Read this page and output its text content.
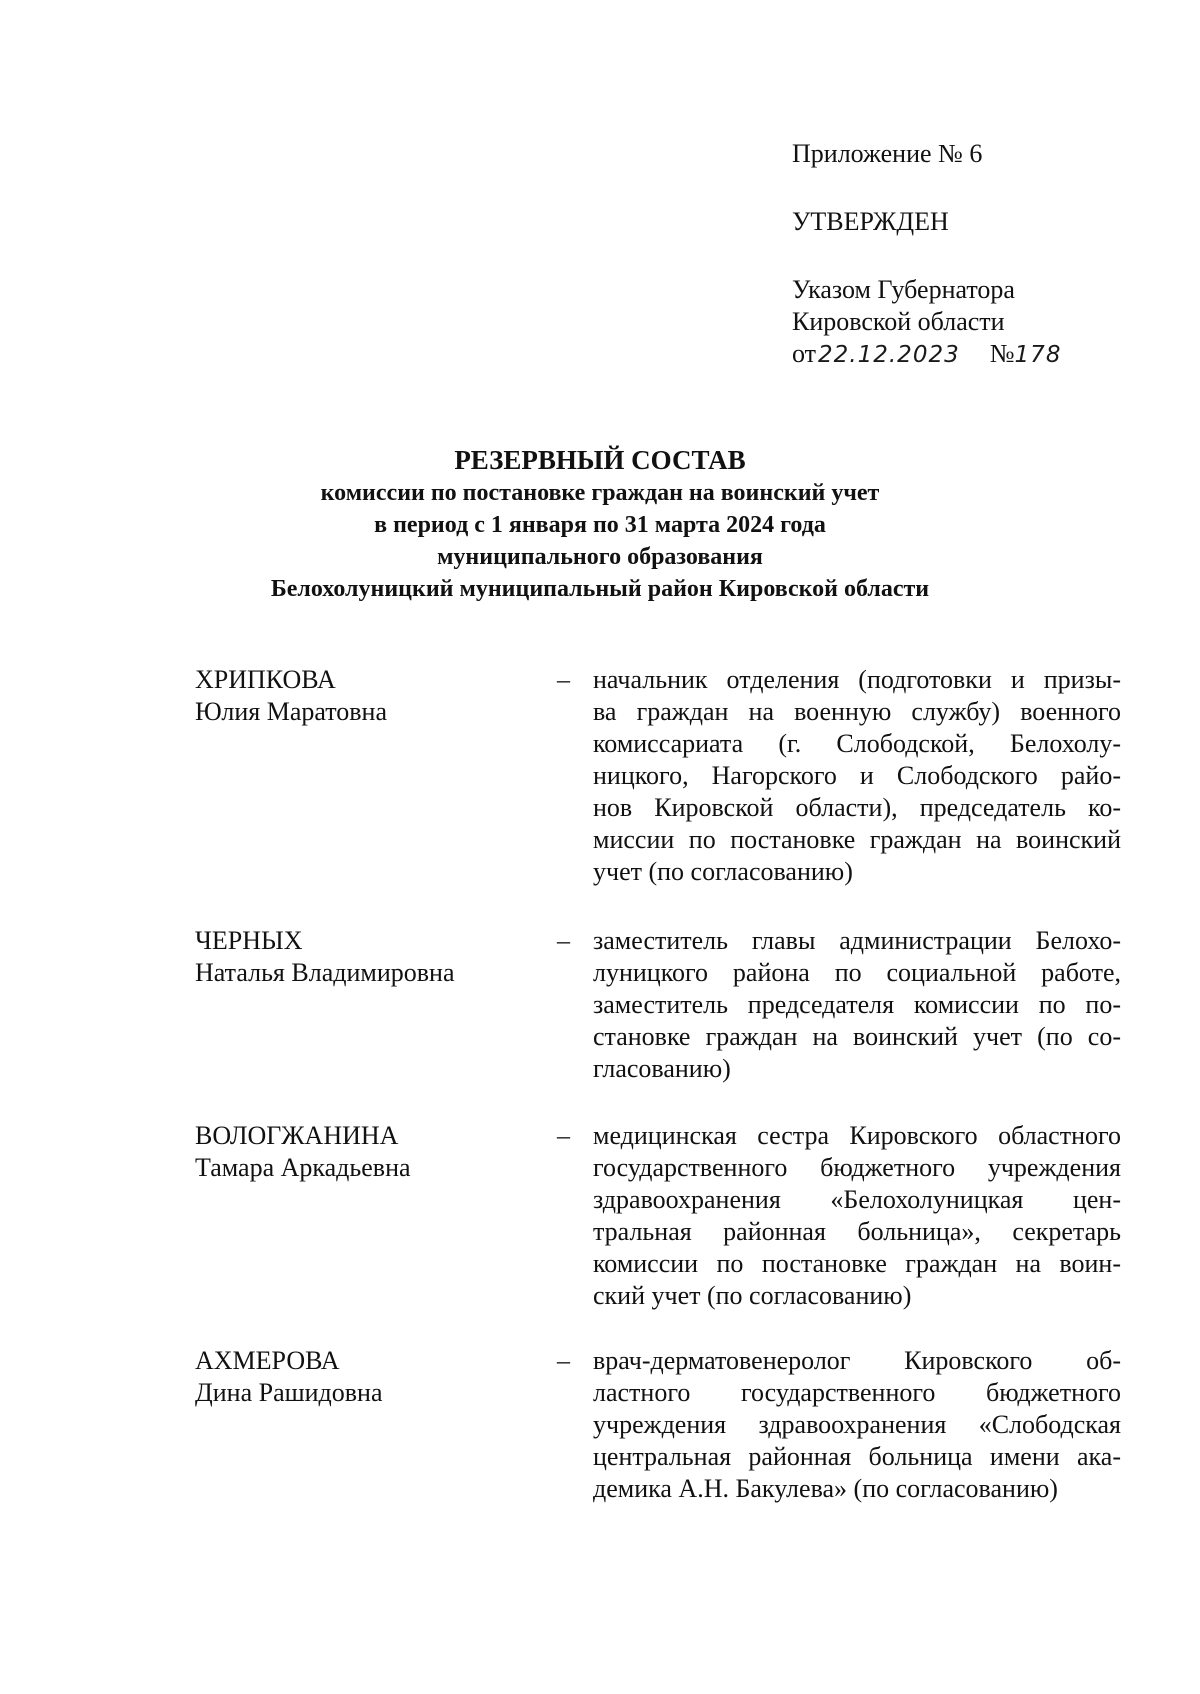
Приложение № 6
УТВЕРЖДЕН
Указом Губернатора
Кировской области
от22.12.2023 №178
РЕЗЕРВНЫЙ СОСТАВ
комиссии по постановке граждан на воинский учет
в период с 1 января по 31 марта 2024 года
муниципального образования
Белохолуницкий муниципальный район Кировской области
ХРИПКОВА
Юлия Маратовна
– начальник отделения (подготовки и призы-
ва граждан на военную службу) военного
комиссариата (г. Слободской, Белохолу-
ницкого, Нагорского и Слободского райо-
нов Кировской области), председатель ко-
миссии по постановке граждан на воинский
учет (по согласованию)
ЧЕРНЫХ
Наталья Владимировна
– заместитель главы администрации Белохо-
луницкого района по социальной работе,
заместитель председателя комиссии по по-
становке граждан на воинский учет (по со-
гласованию)
ВОЛОГЖАНИНА
Тамара Аркадьевна
– медицинская сестра Кировского областного
государственного бюджетного учреждения
здравоохранения «Белохолуницкая цен-
тральная районная больница», секретарь
комиссии по постановке граждан на воин-
ский учет (по согласованию)
АХМЕРОВА
Дина Рашидовна
– врач-дерматовенеролог Кировского об-
ластного государственного бюджетного
учреждения здравоохранения «Слободская
центральная районная больница имени ака-
демика А.Н. Бакулева» (по согласованию)
